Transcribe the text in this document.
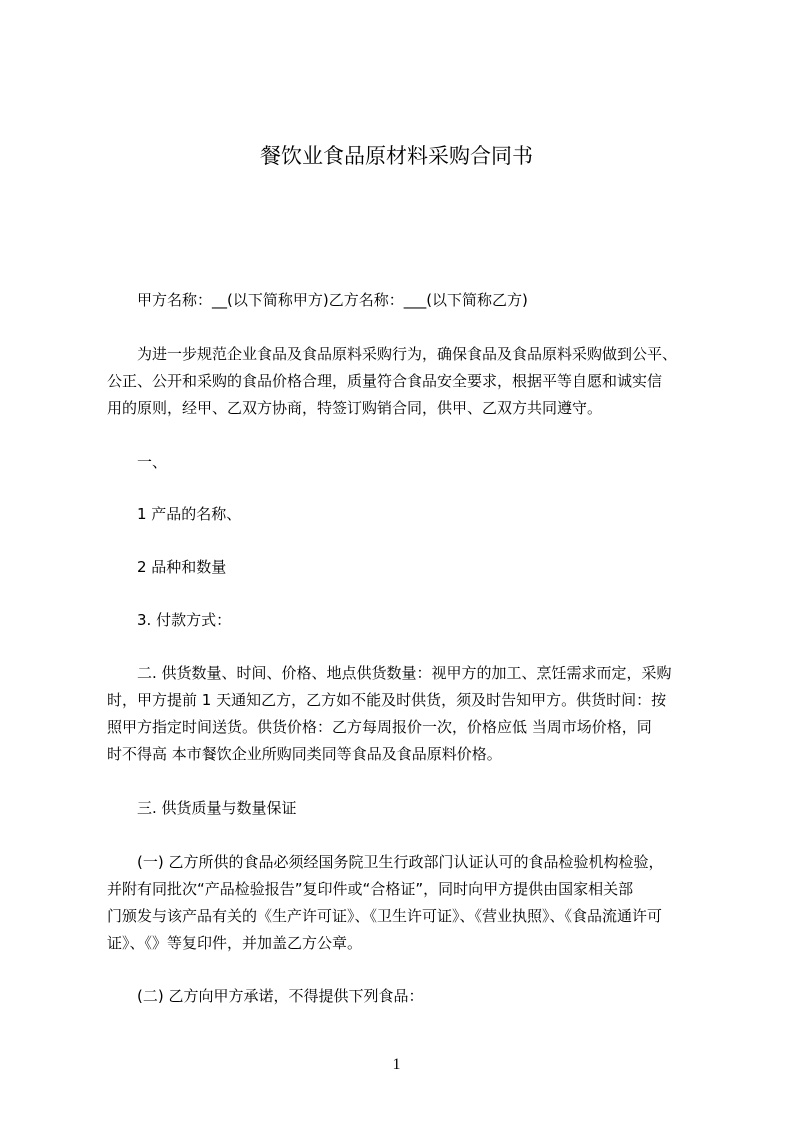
餐饮业食品原材料采购合同书
甲方名称：__(以下简称甲方)乙方名称：___(以下简称乙方)
为进一步规范企业食品及食品原料采购行为，确保食品及食品原料采购做到公平、
公正、公开和采购的食品价格合理，质量符合食品安全要求，根据平等自愿和诚实信
用的原则，经甲、乙双方协商，特签订购销合同，供甲、乙双方共同遵守。
一、
1 产品的名称、
2 品种和数量
3. 付款方式：
二. 供货数量、时间、价格、地点供货数量：视甲方的加工、烹饪需求而定，采购
时，甲方提前 1 天通知乙方，乙方如不能及时供货，须及时告知甲方。供货时间：按
照甲方指定时间送货。供货价格：乙方每周报价一次，价格应低 当周市场价格，同
时不得高 本市餐饮企业所购同类同等食品及食品原料价格。
三. 供货质量与数量保证
(一) 乙方所供的食品必须经国务院卫生行政部门认证认可的食品检验机构检验，
并附有同批次“产品检验报告”复印件或“合格证”，同时向甲方提供由国家相关部
门颁发与该产品有关的《生产许可证》、《卫生许可证》、《营业执照》、《食品流通许可
证》、《》等复印件，并加盖乙方公章。
(二) 乙方向甲方承诺，不得提供下列食品：
1
